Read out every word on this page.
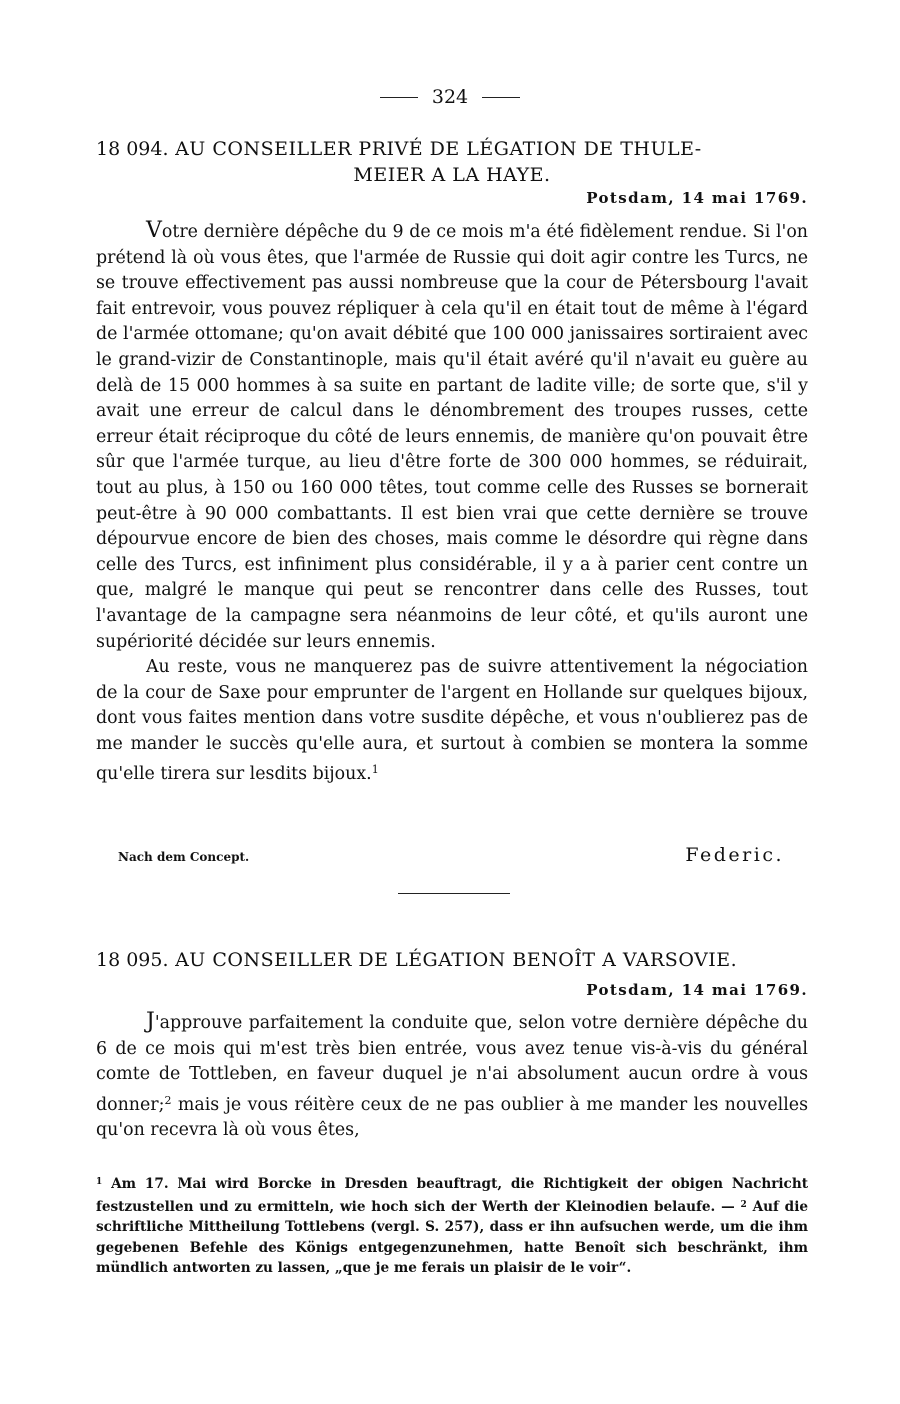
324
18 094. AU CONSEILLER PRIVÉ DE LÉGATION DE THULE-
MEIER A LA HAYE.
Potsdam, 14 mai 1769.

Votre dernière dépêche du 9 de ce mois m'a été fidèlement rendue. Si l'on prétend là où vous êtes, que l'armée de Russie qui doit agir contre les Turcs, ne se trouve effectivement pas aussi nombreuse que la cour de Pétersbourg l'avait fait entrevoir, vous pouvez répliquer à cela qu'il en était tout de même à l'égard de l'armée ottomane; qu'on avait débité que 100 000 janissaires sortiraient avec le grand-vizir de Constantinople, mais qu'il était avéré qu'il n'avait eu guère au delà de 15 000 hommes à sa suite en partant de ladite ville; de sorte que, s'il y avait une erreur de calcul dans le dénombrement des troupes russes, cette erreur était réciproque du côté de leurs ennemis, de manière qu'on pouvait être sûr que l'armée turque, au lieu d'être forte de 300 000 hommes, se réduirait, tout au plus, à 150 ou 160 000 têtes, tout comme celle des Russes se bornerait peut-être à 90 000 combattants. Il est bien vrai que cette dernière se trouve dépourvue encore de bien des choses, mais comme le désordre qui règne dans celle des Turcs, est infiniment plus considérable, il y a à parier cent contre un que, malgré le manque qui peut se rencontrer dans celle des Russes, tout l'avantage de la campagne sera néanmoins de leur côté, et qu'ils auront une supériorité décidée sur leurs ennemis.

Au reste, vous ne manquerez pas de suivre attentivement la négociation de la cour de Saxe pour emprunter de l'argent en Hollande sur quelques bijoux, dont vous faites mention dans votre susdite dépêche, et vous n'oublierez pas de me mander le succès qu'elle aura, et surtout à combien se montera la somme qu'elle tirera sur lesdits bijoux.$^1$

Nach dem Concept.	Federic.
18 095. AU CONSEILLER DE LÉGATION BENOÎT A VARSOVIE.
Potsdam, 14 mai 1769.

J'approuve parfaitement la conduite que, selon votre dernière dépêche du 6 de ce mois qui m'est très bien entrée, vous avez tenue vis-à-vis du général comte de Tottleben, en faveur duquel je n'ai absolument aucun ordre à vous donner;$^2$ mais je vous réitère ceux de ne pas oublier à me mander les nouvelles qu'on recevra là où vous êtes,

$^1$ Am 17. Mai wird Borcke in Dresden beauftragt, die Richtigkeit der obigen Nachricht festzustellen und zu ermitteln, wie hoch sich der Werth der Kleinodien belaufe. — $^2$ Auf die schriftliche Mittheilung Tottlebens (vergl. S. 257), dass er ihn aufsuchen werde, um die ihm gegebenen Befehle des Königs entgegenzunehmen, hatte Benoît sich beschränkt, ihm mündlich antworten zu lassen, „que je me ferais un plaisir de le voir“.
